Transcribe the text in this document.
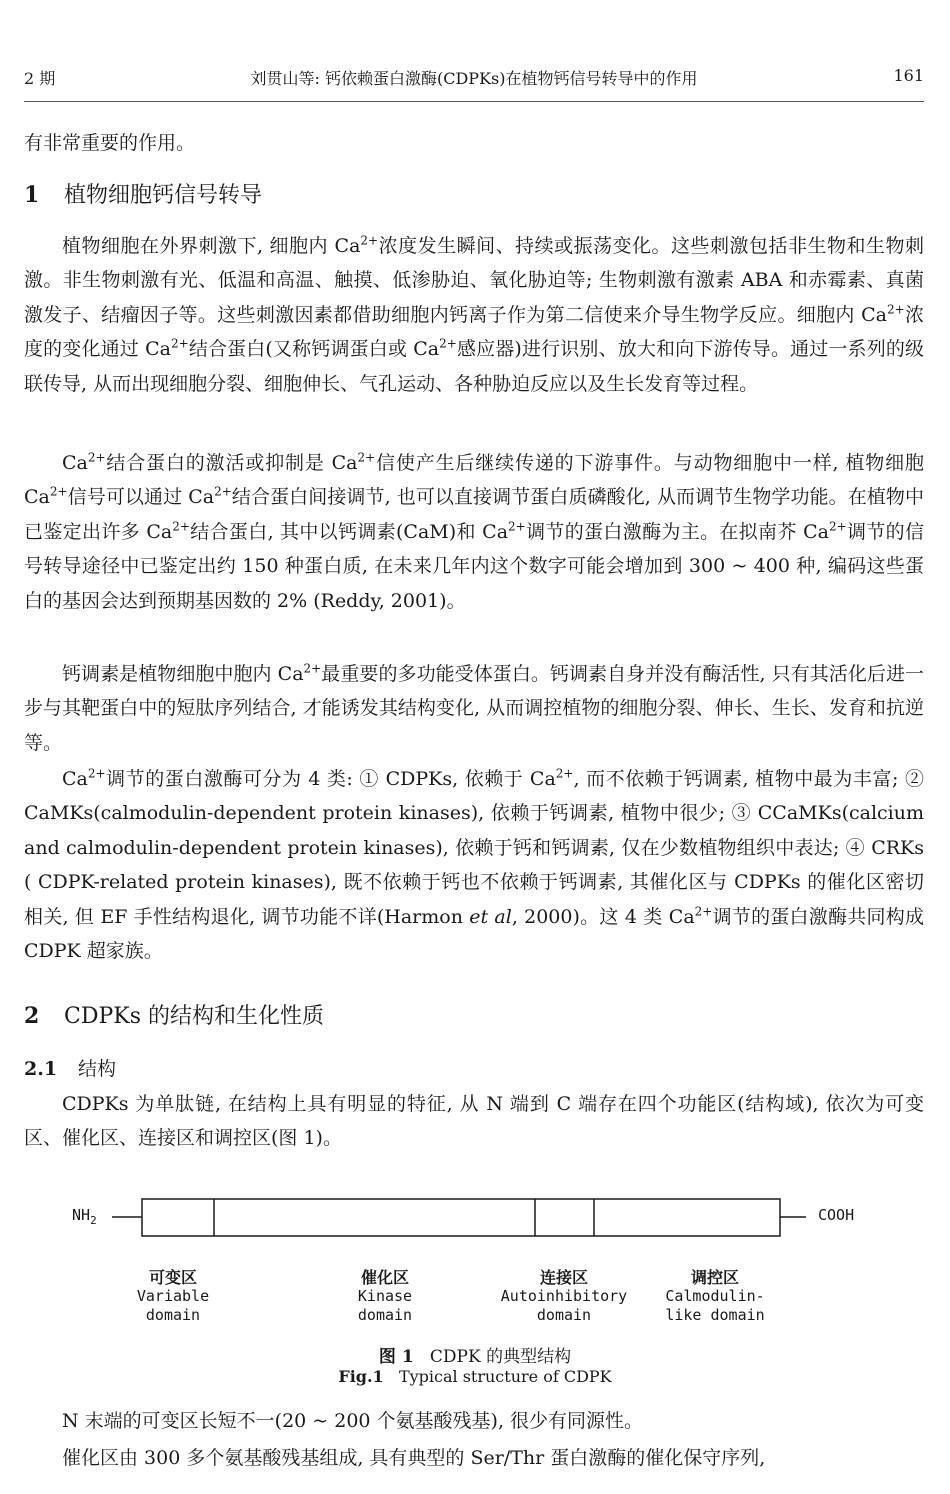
2 期	刘贯山等: 钙依赖蛋白激酶(CDPKs)在植物钙信号转导中的作用	161

有非常重要的作用。

1 植物细胞钙信号转导

植物细胞在外界刺激下, 细胞内 $Ca^{2+}$浓度发生瞬间、持续或振荡变化。这些刺激包括非生物和生物刺激。非生物刺激有光、低温和高温、触摸、低渗胁迫、氧化胁迫等; 生物刺激有激素 ABA 和赤霉素、真菌激发子、结瘤因子等。这些刺激因素都借助细胞内钙离子作为第二信使来介导生物学反应。细胞内 $Ca^{2+}$浓度的变化通过 $Ca^{2+}$结合蛋白(又称钙调蛋白或 $Ca^{2+}$感应器)进行识别、放大和向下游传导。通过一系列的级联传导, 从而出现细胞分裂、细胞伸长、气孔运动、各种胁迫反应以及生长发育等过程。

$Ca^{2+}$结合蛋白的激活或抑制是 $Ca^{2+}$信使产生后继续传递的下游事件。与动物细胞中一样, 植物细胞 $Ca^{2+}$信号可以通过 $Ca^{2+}$结合蛋白间接调节, 也可以直接调节蛋白质磷酸化, 从而调节生物学功能。在植物中已鉴定出许多 $Ca^{2+}$结合蛋白, 其中以钙调素(CaM)和 $Ca^{2+}$调节的蛋白激酶为主。在拟南芥 $Ca^{2+}$调节的信号转导途径中已鉴定出约 150 种蛋白质, 在未来几年内这个数字可能会增加到 300 ~ 400 种, 编码这些蛋白的基因会达到预期基因数的 2% (Reddy, 2001)。

钙调素是植物细胞中胞内 $Ca^{2+}$最重要的多功能受体蛋白。钙调素自身并没有酶活性, 只有其活化后进一步与其靶蛋白中的短肽序列结合, 才能诱发其结构变化, 从而调控植物的细胞分裂、伸长、生长、发育和抗逆等。

$Ca^{2+}$调节的蛋白激酶可分为 4 类: ① CDPKs, 依赖于 $Ca^{2+}$, 而不依赖于钙调素, 植物中最为丰富; ② CaMKs(calmodulin-dependent protein kinases), 依赖于钙调素, 植物中很少; ③ CCaMKs(calcium and calmodulin-dependent protein kinases), 依赖于钙和钙调素, 仅在少数植物组织中表达; ④ CRKs ( CDPK-related protein kinases), 既不依赖于钙也不依赖于钙调素, 其催化区与 CDPKs 的催化区密切相关, 但 EF 手性结构退化, 调节功能不详(Harmon et al, 2000)。这 4 类 $Ca^{2+}$调节的蛋白激酶共同构成 CDPK 超家族。

2 CDPKs 的结构和生化性质
2.1 结构

CDPKs 为单肽链, 在结构上具有明显的特征, 从 N 端到 C 端存在四个功能区(结构域), 依次为可变区、催化区、连接区和调控区(图 1)。

$NH_2$	COOH
可变区
Variable
domain
催化区
Kinase
domain
连接区
Autoinhibitory
domain
调控区
Calmodulin-
like domain
图 1 CDPK 的典型结构
Fig.1 Typical structure of CDPK

N 末端的可变区长短不一(20 ~ 200 个氨基酸残基), 很少有同源性。

催化区由 300 多个氨基酸残基组成, 具有典型的 Ser/Thr 蛋白激酶的催化保守序列,
